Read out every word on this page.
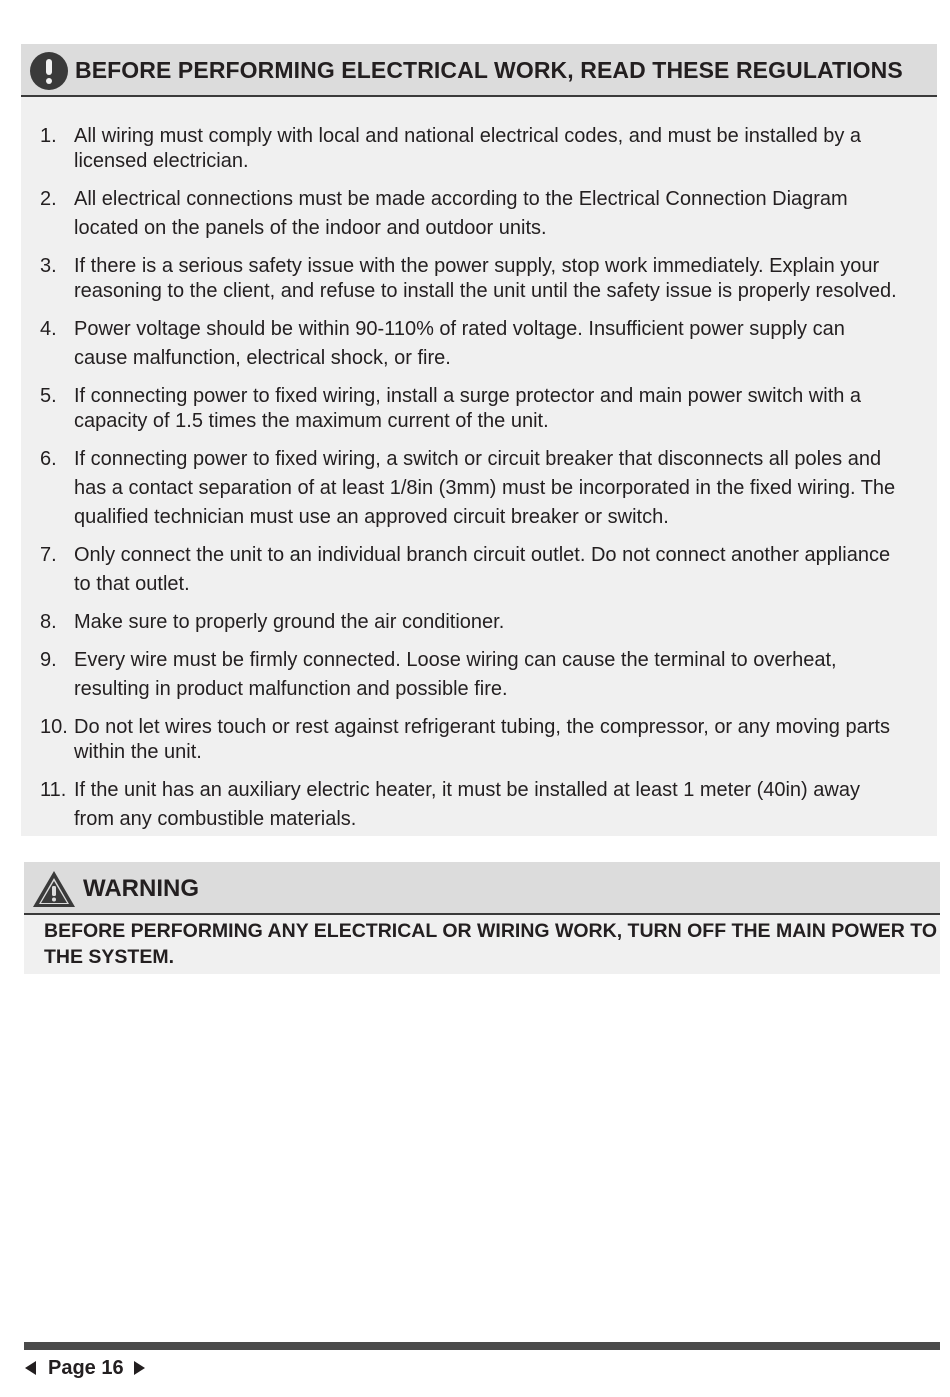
BEFORE PERFORMING ELECTRICAL WORK, READ THESE REGULATIONS
1. All wiring must comply with local and national electrical codes, and must be installed by a
licensed electrician.
2. All electrical connections must be made according to the Electrical Connection Diagram
located on the panels of the indoor and outdoor units.
3. If there is a serious safety issue with the power supply, stop work immediately. Explain your
reasoning to the client, and refuse to install the unit until the safety issue is properly resolved.
4. Power voltage should be within 90-110% of rated voltage. Insufficient power supply can
cause malfunction, electrical shock, or fire.
5. If connecting power to fixed wiring, install a surge protector and main power switch with a
capacity of 1.5 times the maximum current of the unit.
6. If connecting power to fixed wiring, a switch or circuit breaker that disconnects all poles and
has a contact separation of at least 1/8in (3mm) must be incorporated in the fixed wiring. The
qualified technician must use an approved circuit breaker or switch.
7. Only connect the unit to an individual branch circuit outlet. Do not connect another appliance
to that outlet.
8. Make sure to properly ground the air conditioner.
9. Every wire must be firmly connected. Loose wiring can cause the terminal to overheat,
resulting in product malfunction and possible fire.
10. Do not let wires touch or rest against refrigerant tubing, the compressor, or any moving parts
within the unit.
11. If the unit has an auxiliary electric heater, it must be installed at least 1 meter (40in) away
from any combustible materials.
WARNING
BEFORE PERFORMING ANY ELECTRICAL OR WIRING WORK, TURN OFF THE MAIN POWER TO THE SYSTEM.
Page 16
